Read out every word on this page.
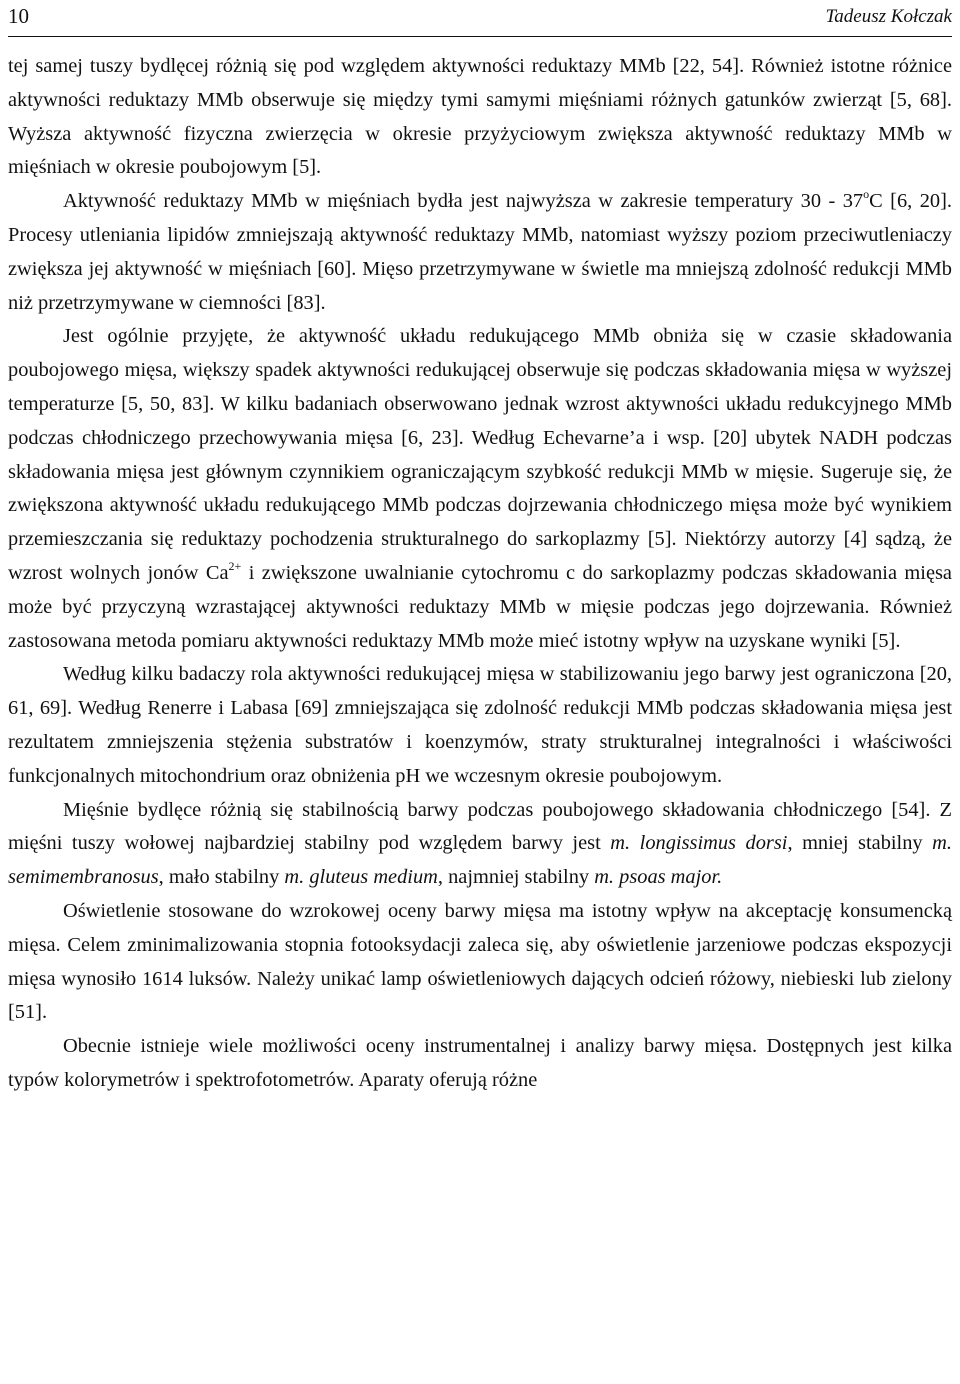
10	Tadeusz Kołczak

tej samej tuszy bydlęcej różnią się pod względem aktywności reduktazy MMb [22, 54]. Również istotne różnice aktywności reduktazy MMb obserwuje się między tymi samymi mięśniami różnych gatunków zwierząt [5, 68]. Wyższa aktywność fizyczna zwierzęcia w okresie przyżyciowym zwiększa aktywność reduktazy MMb w mięśniach w okresie poubojowym [5].

Aktywność reduktazy MMb w mięśniach bydła jest najwyższa w zakresie temperatury 30 - 37$^o$C [6, 20]. Procesy utleniania lipidów zmniejszają aktywność reduktazy MMb, natomiast wyższy poziom przeciwutleniaczy zwiększa jej aktywność w mięśniach [60]. Mięso przetrzymywane w świetle ma mniejszą zdolność redukcji MMb niż przetrzymywane w ciemności [83].

Jest ogólnie przyjęte, że aktywność układu redukującego MMb obniża się w czasie składowania poubojowego mięsa, większy spadek aktywności redukującej obserwuje się podczas składowania mięsa w wyższej temperaturze [5, 50, 83]. W kilku badaniach obserwowano jednak wzrost aktywności układu redukcyjnego MMb podczas chłodniczego przechowywania mięsa [6, 23]. Według Echevarne’a i wsp. [20] ubytek NADH podczas składowania mięsa jest głównym czynnikiem ograniczającym szybkość redukcji MMb w mięsie. Sugeruje się, że zwiększona aktywność układu redukującego MMb podczas dojrzewania chłodniczego mięsa może być wynikiem przemieszczania się reduktazy pochodzenia strukturalnego do sarkoplazmy [5]. Niektórzy autorzy [4] sądzą, że wzrost wolnych jonów $Ca^{2+}$ i zwiększone uwalnianie cytochromu c do sarkoplazmy podczas składowania mięsa może być przyczyną wzrastającej aktywności reduktazy MMb w mięsie podczas jego dojrzewania. Również zastosowana metoda pomiaru aktywności reduktazy MMb może mieć istotny wpływ na uzyskane wyniki [5].

Według kilku badaczy rola aktywności redukującej mięsa w stabilizowaniu jego barwy jest ograniczona [20, 61, 69]. Według Renerre i Labasa [69] zmniejszająca się zdolność redukcji MMb podczas składowania mięsa jest rezultatem zmniejszenia stężenia substratów i koenzymów, straty strukturalnej integralności i właściwości funkcjonalnych mitochondrium oraz obniżenia pH we wczesnym okresie poubojowym.

Mięśnie bydlęce różnią się stabilnością barwy podczas poubojowego składowania chłodniczego [54]. Z mięśni tuszy wołowej najbardziej stabilny pod względem barwy jest m. longissimus dorsi, mniej stabilny m. semimembranosus, mało stabilny m. gluteus medium, najmniej stabilny m. psoas major.

Oświetlenie stosowane do wzrokowej oceny barwy mięsa ma istotny wpływ na akceptację konsumencką mięsa. Celem zminimalizowania stopnia fotooksydacji zaleca się, aby oświetlenie jarzeniowe podczas ekspozycji mięsa wynosiło 1614 luksów. Należy unikać lamp oświetleniowych dających odcień różowy, niebieski lub zielony [51].

Obecnie istnieje wiele możliwości oceny instrumentalnej i analizy barwy mięsa. Dostępnych jest kilka typów kolorymetrów i spektrofotometrów. Aparaty oferują różne
